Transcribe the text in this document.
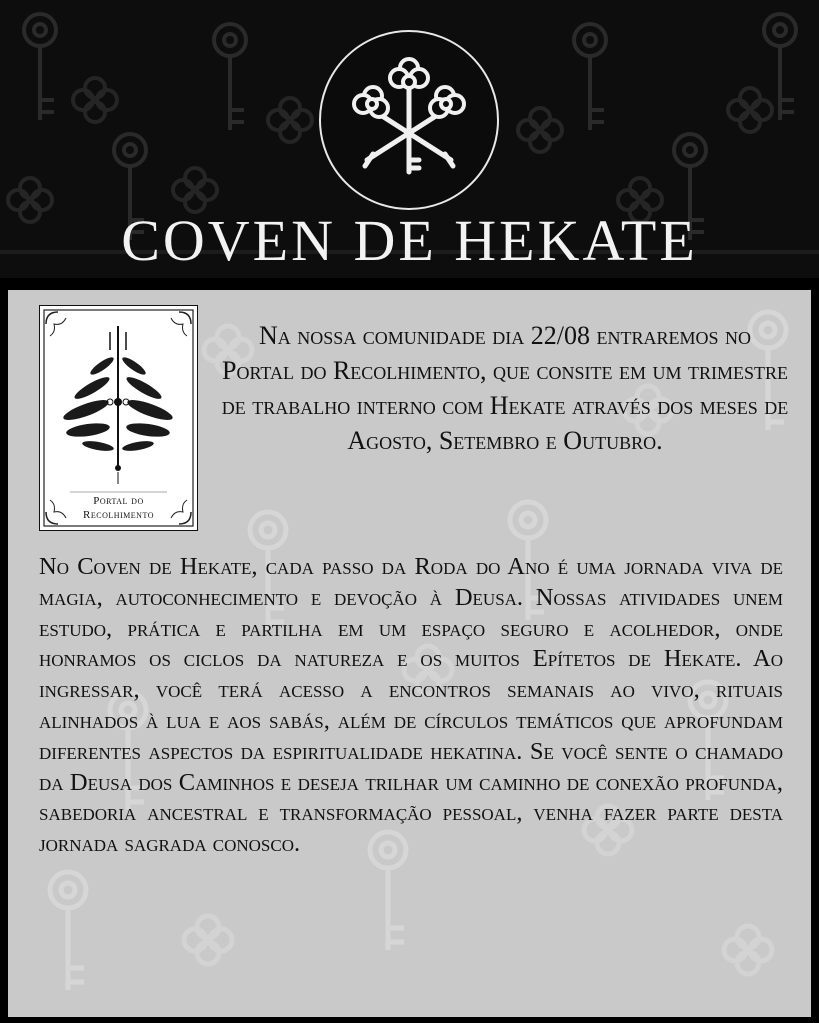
COVEN DE HEKATE
Portal do
Recolhimento

Na nossa comunidade dia 22/08 entraremos no Portal do Recolhimento, que consite em um trimestre de trabalho interno com Hekate através dos meses de Agosto, Setembro e Outubro.

No Coven de Hekate, cada passo da Roda do Ano é uma jornada viva de magia, autoconhecimento e devoção à Deusa. Nossas atividades unem estudo, prática e partilha em um espaço seguro e acolhedor, onde honramos os ciclos da natureza e os muitos Epítetos de Hekate. Ao ingressar, você terá acesso a encontros semanais ao vivo, rituais alinhados à lua e aos sabás, além de círculos temáticos que aprofundam diferentes aspectos da espiritualidade hekatina. Se você sente o chamado da Deusa dos Caminhos e deseja trilhar um caminho de conexão profunda, sabedoria ancestral e transformação pessoal, venha fazer parte desta jornada sagrada conosco.
